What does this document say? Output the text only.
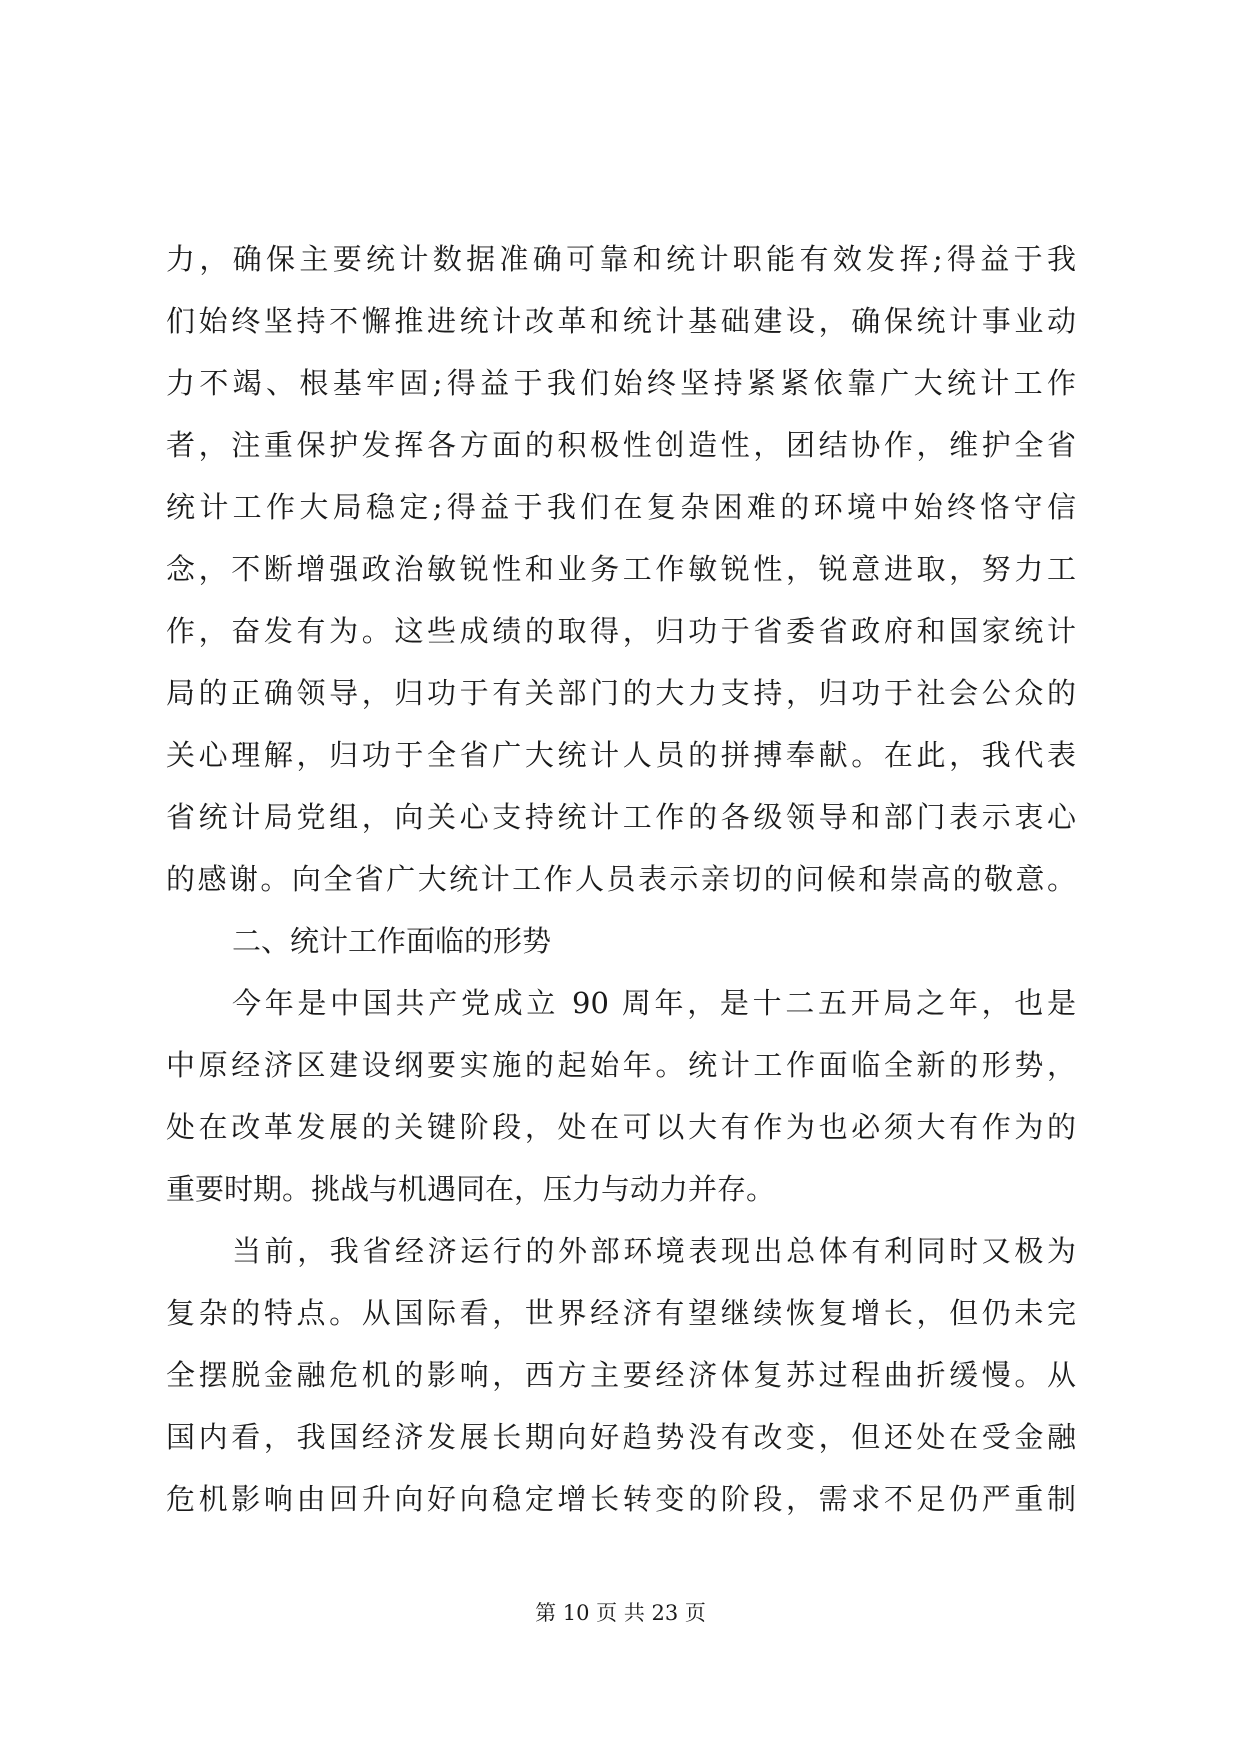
力，确保主要统计数据准确可靠和统计职能有效发挥;得益于我
们始终坚持不懈推进统计改革和统计基础建设，确保统计事业动
力不竭、根基牢固;得益于我们始终坚持紧紧依靠广大统计工作
者，注重保护发挥各方面的积极性创造性，团结协作，维护全省
统计工作大局稳定;得益于我们在复杂困难的环境中始终恪守信
念，不断增强政治敏锐性和业务工作敏锐性，锐意进取，努力工
作，奋发有为。这些成绩的取得，归功于省委省政府和国家统计
局的正确领导，归功于有关部门的大力支持，归功于社会公众的
关心理解，归功于全省广大统计人员的拼搏奉献。在此，我代表
省统计局党组，向关心支持统计工作的各级领导和部门表示衷心
的感谢。向全省广大统计工作人员表示亲切的问候和崇高的敬意。
二、统计工作面临的形势
今年是中国共产党成立 90 周年，是十二五开局之年，也是
中原经济区建设纲要实施的起始年。统计工作面临全新的形势，
处在改革发展的关键阶段，处在可以大有作为也必须大有作为的
重要时期。挑战与机遇同在，压力与动力并存。
当前，我省经济运行的外部环境表现出总体有利同时又极为
复杂的特点。从国际看，世界经济有望继续恢复增长，但仍未完
全摆脱金融危机的影响，西方主要经济体复苏过程曲折缓慢。从
国内看，我国经济发展长期向好趋势没有改变，但还处在受金融
危机影响由回升向好向稳定增长转变的阶段，需求不足仍严重制
第 10 页 共 23 页
